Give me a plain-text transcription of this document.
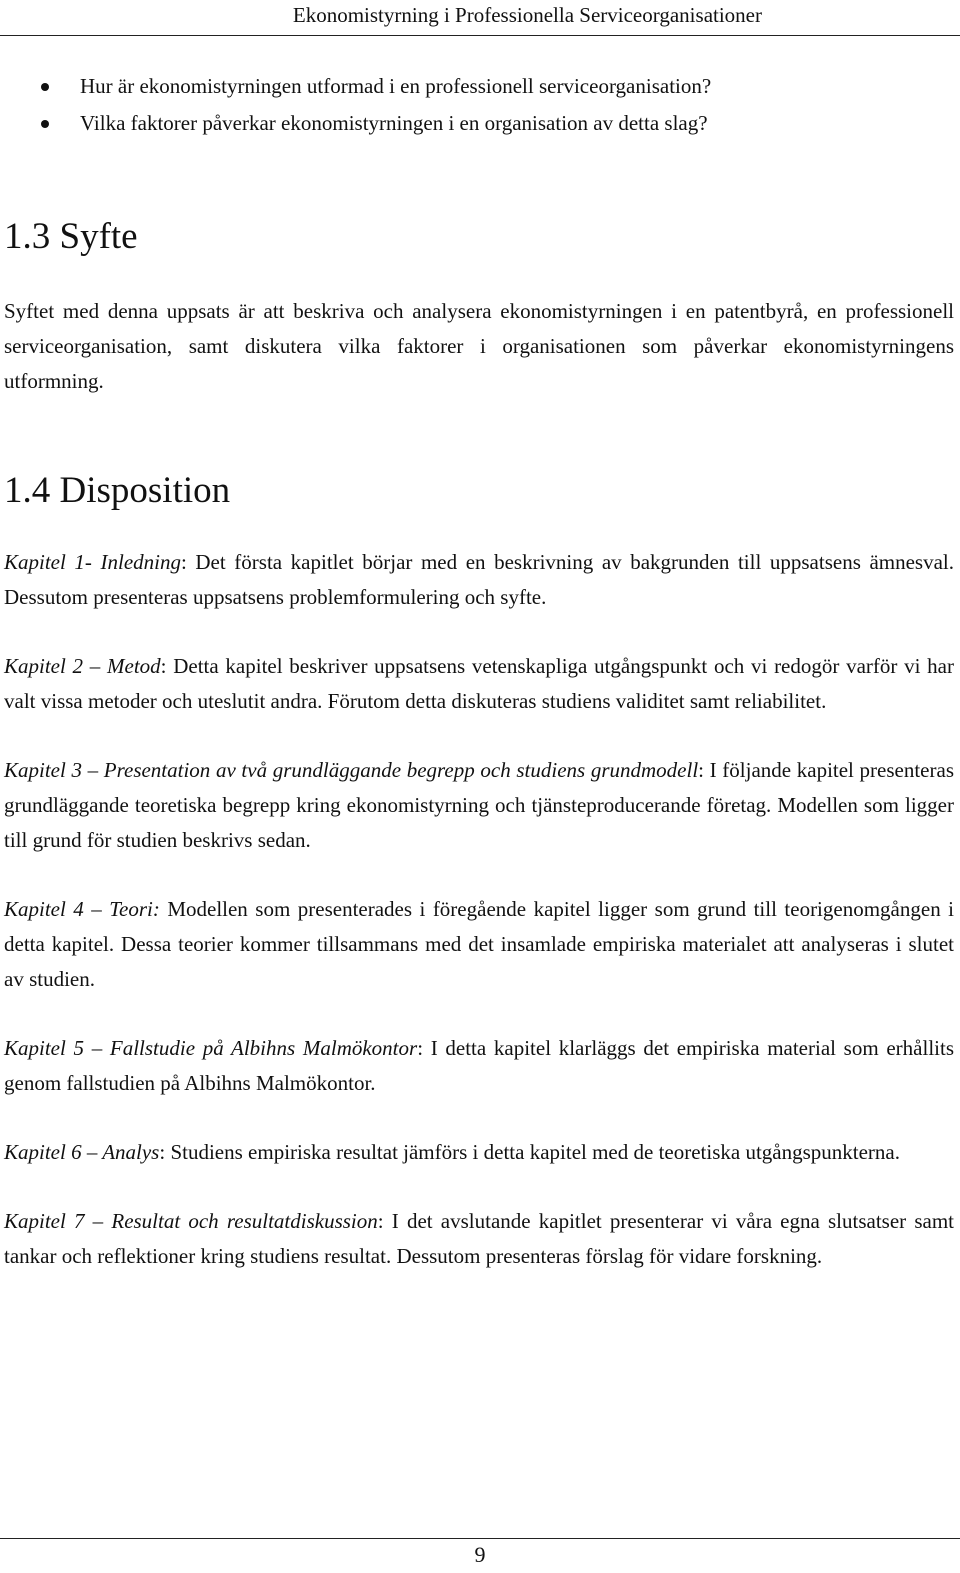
Ekonomistyrning i Professionella Serviceorganisationer
Hur är ekonomistyrningen utformad i en professionell serviceorganisation?
Vilka faktorer påverkar ekonomistyrningen i en organisation av detta slag?
1.3 Syfte

Syftet med denna uppsats är att beskriva och analysera ekonomistyrningen i en patentbyrå, en professionell serviceorganisation, samt diskutera vilka faktorer i organisationen som påverkar ekonomistyrningens utformning.

1.4 Disposition

Kapitel 1- Inledning: Det första kapitlet börjar med en beskrivning av bakgrunden till uppsatsens ämnesval. Dessutom presenteras uppsatsens problemformulering och syfte.

Kapitel 2 – Metod: Detta kapitel beskriver uppsatsens vetenskapliga utgångspunkt och vi redogör varför vi har valt vissa metoder och uteslutit andra. Förutom detta diskuteras studiens validitet samt reliabilitet.

Kapitel 3 – Presentation av två grundläggande begrepp och studiens grundmodell: I följande kapitel presenteras grundläggande teoretiska begrepp kring ekonomistyrning och tjänsteproducerande företag. Modellen som ligger till grund för studien beskrivs sedan.

Kapitel 4 – Teori: Modellen som presenterades i föregående kapitel ligger som grund till teorigenomgången i detta kapitel. Dessa teorier kommer tillsammans med det insamlade empiriska materialet att analyseras i slutet av studien.

Kapitel 5 – Fallstudie på Albihns Malmökontor: I detta kapitel klarläggs det empiriska material som erhållits genom fallstudien på Albihns Malmökontor.

Kapitel 6 – Analys: Studiens empiriska resultat jämförs i detta kapitel med de teoretiska utgångspunkterna.

Kapitel 7 – Resultat och resultatdiskussion: I det avslutande kapitlet presenterar vi våra egna slutsatser samt tankar och reflektioner kring studiens resultat. Dessutom presenteras förslag för vidare forskning.

9
